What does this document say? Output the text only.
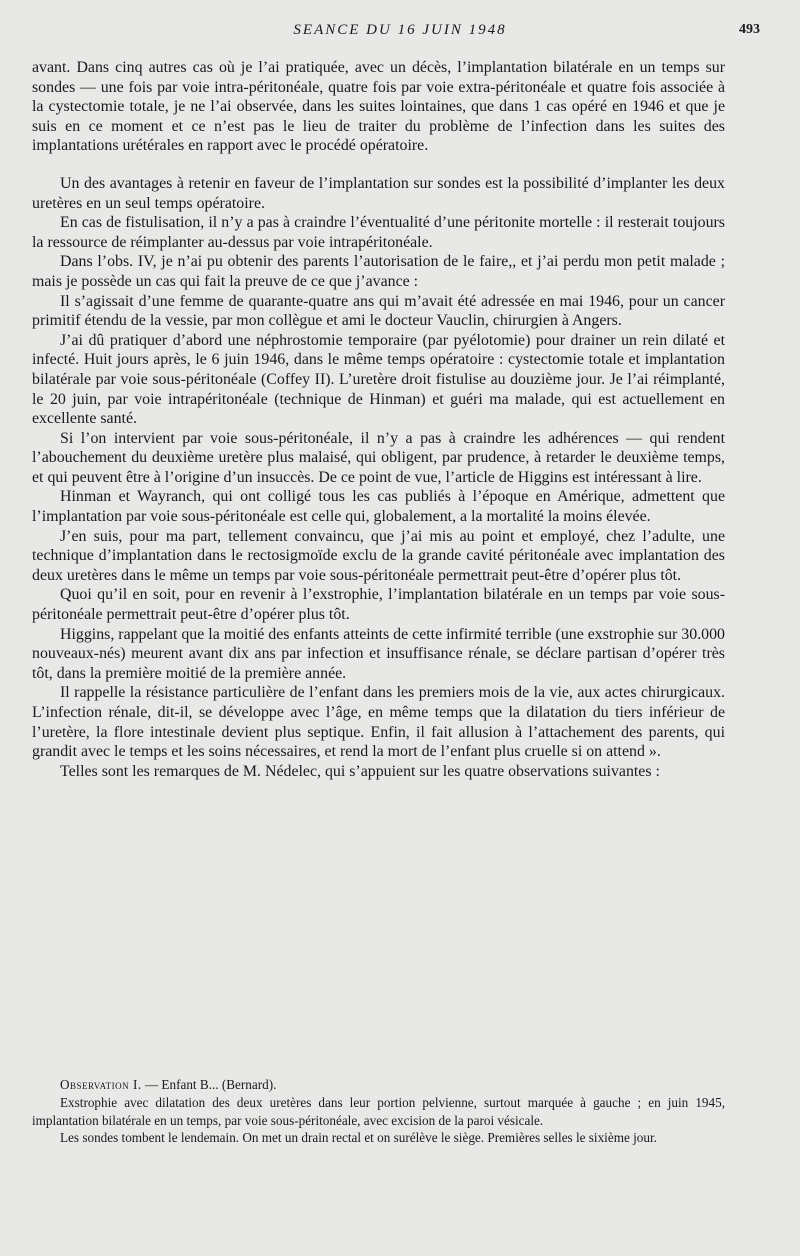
SEANCE DU 16 JUIN 1948	493

avant. Dans cinq autres cas où je l’ai pratiquée, avec un décès, l’implantation bilatérale en un temps sur sondes — une fois par voie intra-péritonéale, quatre fois par voie extra-péritonéale et quatre fois associée à la cystectomie totale, je ne l’ai observée, dans les suites lointaines, que dans 1 cas opéré en 1946 et que je suis en ce moment et ce n’est pas le lieu de traiter du problème de l’infection dans les suites des implantations urétérales en rapport avec le procédé opératoire.

Un des avantages à retenir en faveur de l’implantation sur sondes est la possibilité d’implanter les deux uretères en un seul temps opératoire.

En cas de fistulisation, il n’y a pas à craindre l’éventualité d’une péritonite mortelle : il resterait toujours la ressource de réimplanter au-dessus par voie intrapéritonéale.

Dans l’obs. IV, je n’ai pu obtenir des parents l’autorisation de le faire,, et j’ai perdu mon petit malade ; mais je possède un cas qui fait la preuve de ce que j’avance :

Il s’agissait d’une femme de quarante-quatre ans qui m’avait été adressée en mai 1946, pour un cancer primitif étendu de la vessie, par mon collègue et ami le docteur Vauclin, chirurgien à Angers.

J’ai dû pratiquer d’abord une néphrostomie temporaire (par pyélotomie) pour drainer un rein dilaté et infecté. Huit jours après, le 6 juin 1946, dans le même temps opératoire : cystectomie totale et implantation bilatérale par voie sous-péritonéale (Coffey II). L’uretère droit fistulise au douzième jour. Je l’ai réimplanté, le 20 juin, par voie intrapéritonéale (technique de Hinman) et guéri ma malade, qui est actuellement en excellente santé.

Si l’on intervient par voie sous-péritonéale, il n’y a pas à craindre les adhérences — qui rendent l’abouchement du deuxième uretère plus malaisé, qui obligent, par prudence, à retarder le deuxième temps, et qui peuvent être à l’origine d’un insuccès. De ce point de vue, l’article de Higgins est intéressant à lire.

Hinman et Wayranch, qui ont colligé tous les cas publiés à l’époque en Amérique, admettent que l’implantation par voie sous-péritonéale est celle qui, globalement, a la mortalité la moins élevée.

J’en suis, pour ma part, tellement convaincu, que j’ai mis au point et employé, chez l’adulte, une technique d’implantation dans le rectosigmoïde exclu de la grande cavité péritonéale avec implantation des deux uretères dans le même un temps par voie sous-péritonéale permettrait peut-être d’opérer plus tôt.

Quoi qu’il en soit, pour en revenir à l’exstrophie, l’implantation bilatérale en un temps par voie sous-péritonéale permettrait peut-être d’opérer plus tôt.

Higgins, rappelant que la moitié des enfants atteints de cette infirmité terrible (une exstrophie sur 30.000 nouveaux-nés) meurent avant dix ans par infection et insuffisance rénale, se déclare partisan d’opérer très tôt, dans la première moitié de la première année.

Il rappelle la résistance particulière de l’enfant dans les premiers mois de la vie, aux actes chirurgicaux. L’infection rénale, dit-il, se développe avec l’âge, en même temps que la dilatation du tiers inférieur de l’uretère, la flore intestinale devient plus septique. Enfin, il fait allusion à l’attachement des parents, qui grandit avec le temps et les soins nécessaires, et rend la mort de l’enfant plus cruelle si on attend ».

Telles sont les remarques de M. Nédelec, qui s’appuient sur les quatre observations suivantes :

Observation I. — Enfant B... (Bernard).

Exstrophie avec dilatation des deux uretères dans leur portion pelvienne, surtout marquée à gauche ; en juin 1945, implantation bilatérale en un temps, par voie sous-péritonéale, avec excision de la paroi vésicale.

Les sondes tombent le lendemain. On met un drain rectal et on surélève le siège. Premières selles le sixième jour.
